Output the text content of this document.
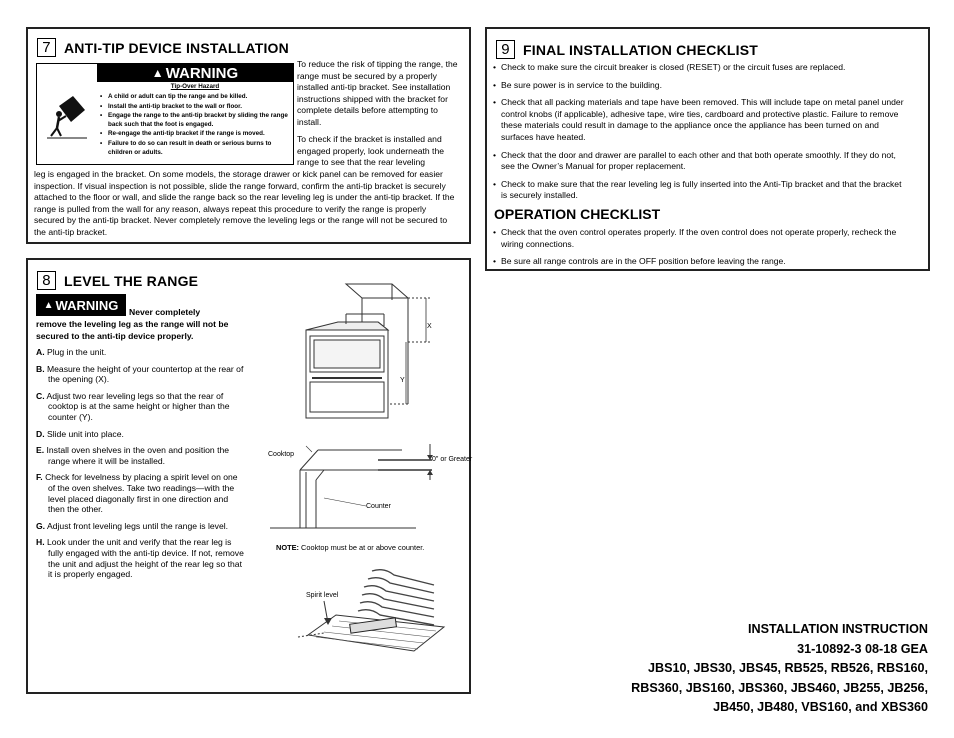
7 ANTI-TIP DEVICE INSTALLATION
▲ WARNING
Tip-Over Hazard
• A child or adult can tip the range and be killed.
• Install the anti-tip bracket to the wall or floor.
• Engage the range to the anti-tip bracket by sliding the range back such that the foot is engaged.
• Re-engage the anti-tip bracket if the range is moved.
• Failure to do so can result in death or serious burns to children or adults.
To reduce the risk of tipping the range, the range must be secured by a properly installed anti-tip bracket. See installation instructions shipped with the bracket for complete details before attempting to install.
To check if the bracket is installed and engaged properly, look underneath the range to see that the rear leveling
leg is engaged in the bracket. On some models, the storage drawer or kick panel can be removed for easier inspection. If visual inspection is not possible, slide the range forward, confirm the anti-tip bracket is securely attached to the floor or wall, and slide the range back so the rear leveling leg is under the anti-tip bracket. If the range is pulled from the wall for any reason, always repeat this procedure to verify the range is properly secured by the anti-tip bracket. Never completely remove the leveling legs or the range will not be secured to the anti-tip bracket.
8 LEVEL THE RANGE
▲ WARNING Never completely
remove the leveling leg as the range will not be secured to the anti-tip device properly.
A. Plug in the unit.
B. Measure the height of your countertop at the rear of the opening (X).
C. Adjust two rear leveling legs so that the rear of cooktop is at the same height or higher than the counter (Y).
D. Slide unit into place.
E. Install oven shelves in the oven and position the range where it will be installed.
F. Check for levelness by placing a spirit level on one of the oven shelves. Take two readings—with the level placed diagonally first in one direction and then the other.
G. Adjust front leveling legs until the range is level.
H. Look under the unit and verify that the rear leg is fully engaged with the anti-tip device. If not, remove the unit and adjust the height of the rear leg so that it is properly engaged.
X
Y
Cooktop
Counter
0" or Greater
NOTE: Cooktop must be at or above counter.
Spirit level
9 FINAL INSTALLATION CHECKLIST
• Check to make sure the circuit breaker is closed (RESET) or the circuit fuses are replaced.
• Be sure power is in service to the building.
• Check that all packing materials and tape have been removed. This will include tape on metal panel under control knobs (if applicable), adhesive tape, wire ties, cardboard and protective plastic. Failure to remove these materials could result in damage to the appliance once the appliance has been turned on and surfaces have heated.
• Check that the door and drawer are parallel to each other and that both operate smoothly. If they do not, see the Owner’s Manual for proper replacement.
• Check to make sure that the rear leveling leg is fully inserted into the Anti-Tip bracket and that the bracket is securely installed.
OPERATION CHECKLIST
• Check that the oven control operates properly. If the oven control does not operate properly, recheck the wiring connections.
• Be sure all range controls are in the OFF position before leaving the range.
INSTALLATION INSTRUCTION
31-10892-3 08-18 GEA
JBS10, JBS30, JBS45, RB525, RB526, RBS160,
RBS360, JBS160, JBS360, JBS460, JB255, JB256,
JB450, JB480, VBS160, and XBS360
